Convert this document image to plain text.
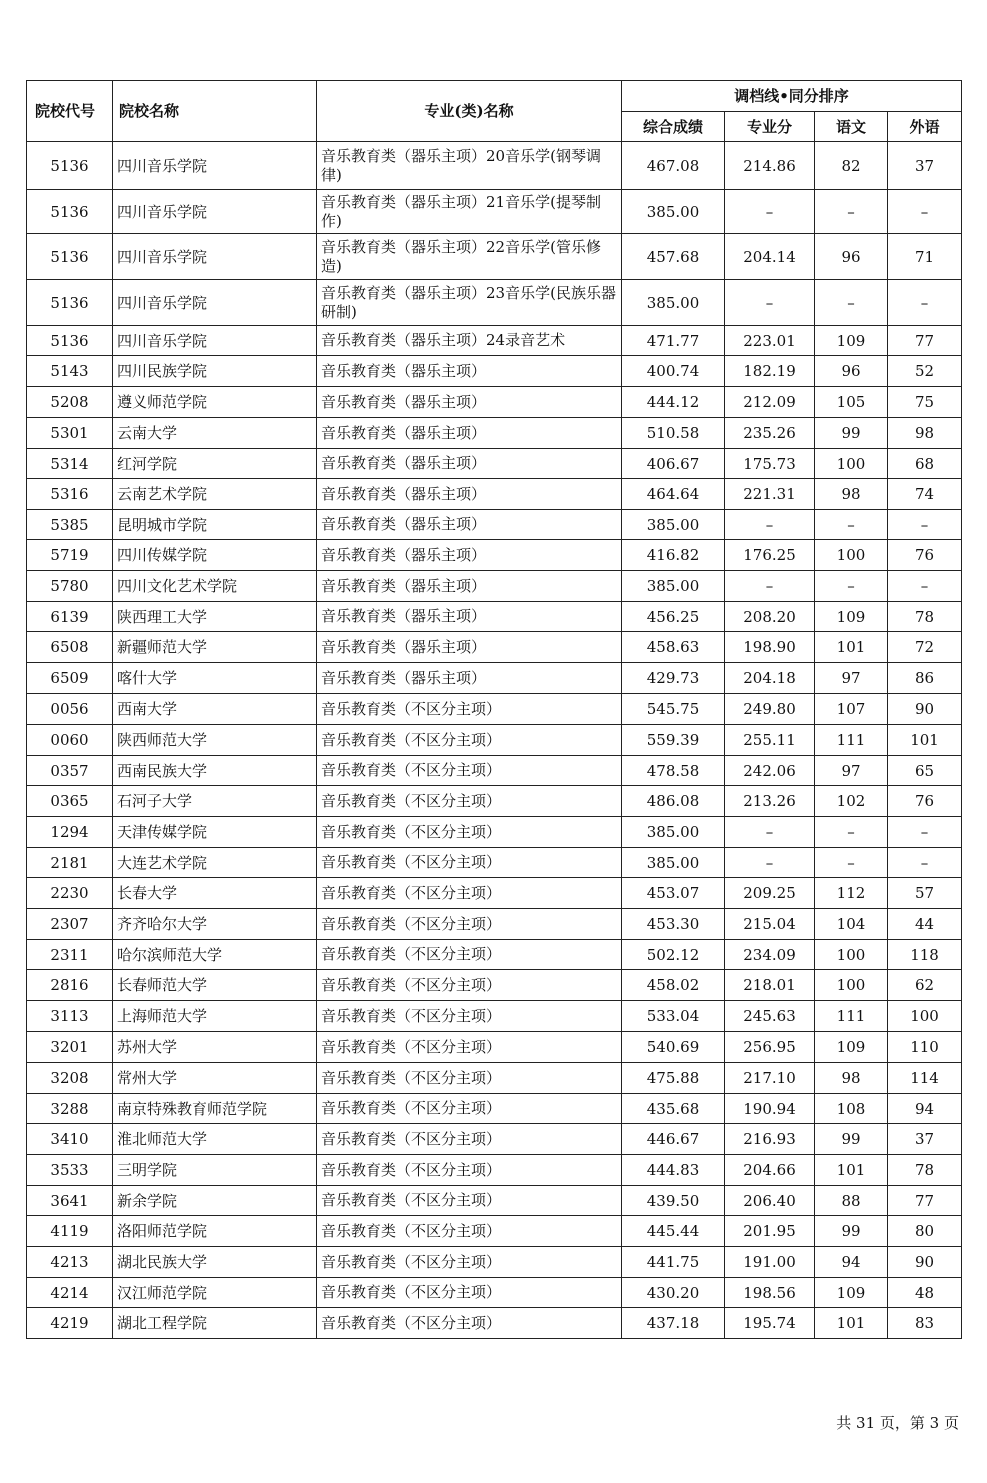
院校代号	院校名称	专业(类)名称	调档线•同分排序			
			综合成绩	专业分	语文	外语
5136	四川音乐学院	音乐教育类（器乐主项）20音乐学(钢琴调律)	467.08	214.86	82	37
5136	四川音乐学院	音乐教育类（器乐主项）21音乐学(提琴制作)	385.00	–	–	–
5136	四川音乐学院	音乐教育类（器乐主项）22音乐学(管乐修造)	457.68	204.14	96	71
5136	四川音乐学院	音乐教育类（器乐主项）23音乐学(民族乐器研制)	385.00	–	–	–
5136	四川音乐学院	音乐教育类（器乐主项）24录音艺术	471.77	223.01	109	77
5143	四川民族学院	音乐教育类（器乐主项）	400.74	182.19	96	52
5208	遵义师范学院	音乐教育类（器乐主项）	444.12	212.09	105	75
5301	云南大学	音乐教育类（器乐主项）	510.58	235.26	99	98
5314	红河学院	音乐教育类（器乐主项）	406.67	175.73	100	68
5316	云南艺术学院	音乐教育类（器乐主项）	464.64	221.31	98	74
5385	昆明城市学院	音乐教育类（器乐主项）	385.00	–	–	–
5719	四川传媒学院	音乐教育类（器乐主项）	416.82	176.25	100	76
5780	四川文化艺术学院	音乐教育类（器乐主项）	385.00	–	–	–
6139	陕西理工大学	音乐教育类（器乐主项）	456.25	208.20	109	78
6508	新疆师范大学	音乐教育类（器乐主项）	458.63	198.90	101	72
6509	喀什大学	音乐教育类（器乐主项）	429.73	204.18	97	86
0056	西南大学	音乐教育类（不区分主项）	545.75	249.80	107	90
0060	陕西师范大学	音乐教育类（不区分主项）	559.39	255.11	111	101
0357	西南民族大学	音乐教育类（不区分主项）	478.58	242.06	97	65
0365	石河子大学	音乐教育类（不区分主项）	486.08	213.26	102	76
1294	天津传媒学院	音乐教育类（不区分主项）	385.00	–	–	–
2181	大连艺术学院	音乐教育类（不区分主项）	385.00	–	–	–
2230	长春大学	音乐教育类（不区分主项）	453.07	209.25	112	57
2307	齐齐哈尔大学	音乐教育类（不区分主项）	453.30	215.04	104	44
2311	哈尔滨师范大学	音乐教育类（不区分主项）	502.12	234.09	100	118
2816	长春师范大学	音乐教育类（不区分主项）	458.02	218.01	100	62
3113	上海师范大学	音乐教育类（不区分主项）	533.04	245.63	111	100
3201	苏州大学	音乐教育类（不区分主项）	540.69	256.95	109	110
3208	常州大学	音乐教育类（不区分主项）	475.88	217.10	98	114
3288	南京特殊教育师范学院	音乐教育类（不区分主项）	435.68	190.94	108	94
3410	淮北师范大学	音乐教育类（不区分主项）	446.67	216.93	99	37
3533	三明学院	音乐教育类（不区分主项）	444.83	204.66	101	78
3641	新余学院	音乐教育类（不区分主项）	439.50	206.40	88	77
4119	洛阳师范学院	音乐教育类（不区分主项）	445.44	201.95	99	80
4213	湖北民族大学	音乐教育类（不区分主项）	441.75	191.00	94	90
4214	汉江师范学院	音乐教育类（不区分主项）	430.20	198.56	109	48
4219	湖北工程学院	音乐教育类（不区分主项）	437.18	195.74	101	83
共 31 页，第 3 页
